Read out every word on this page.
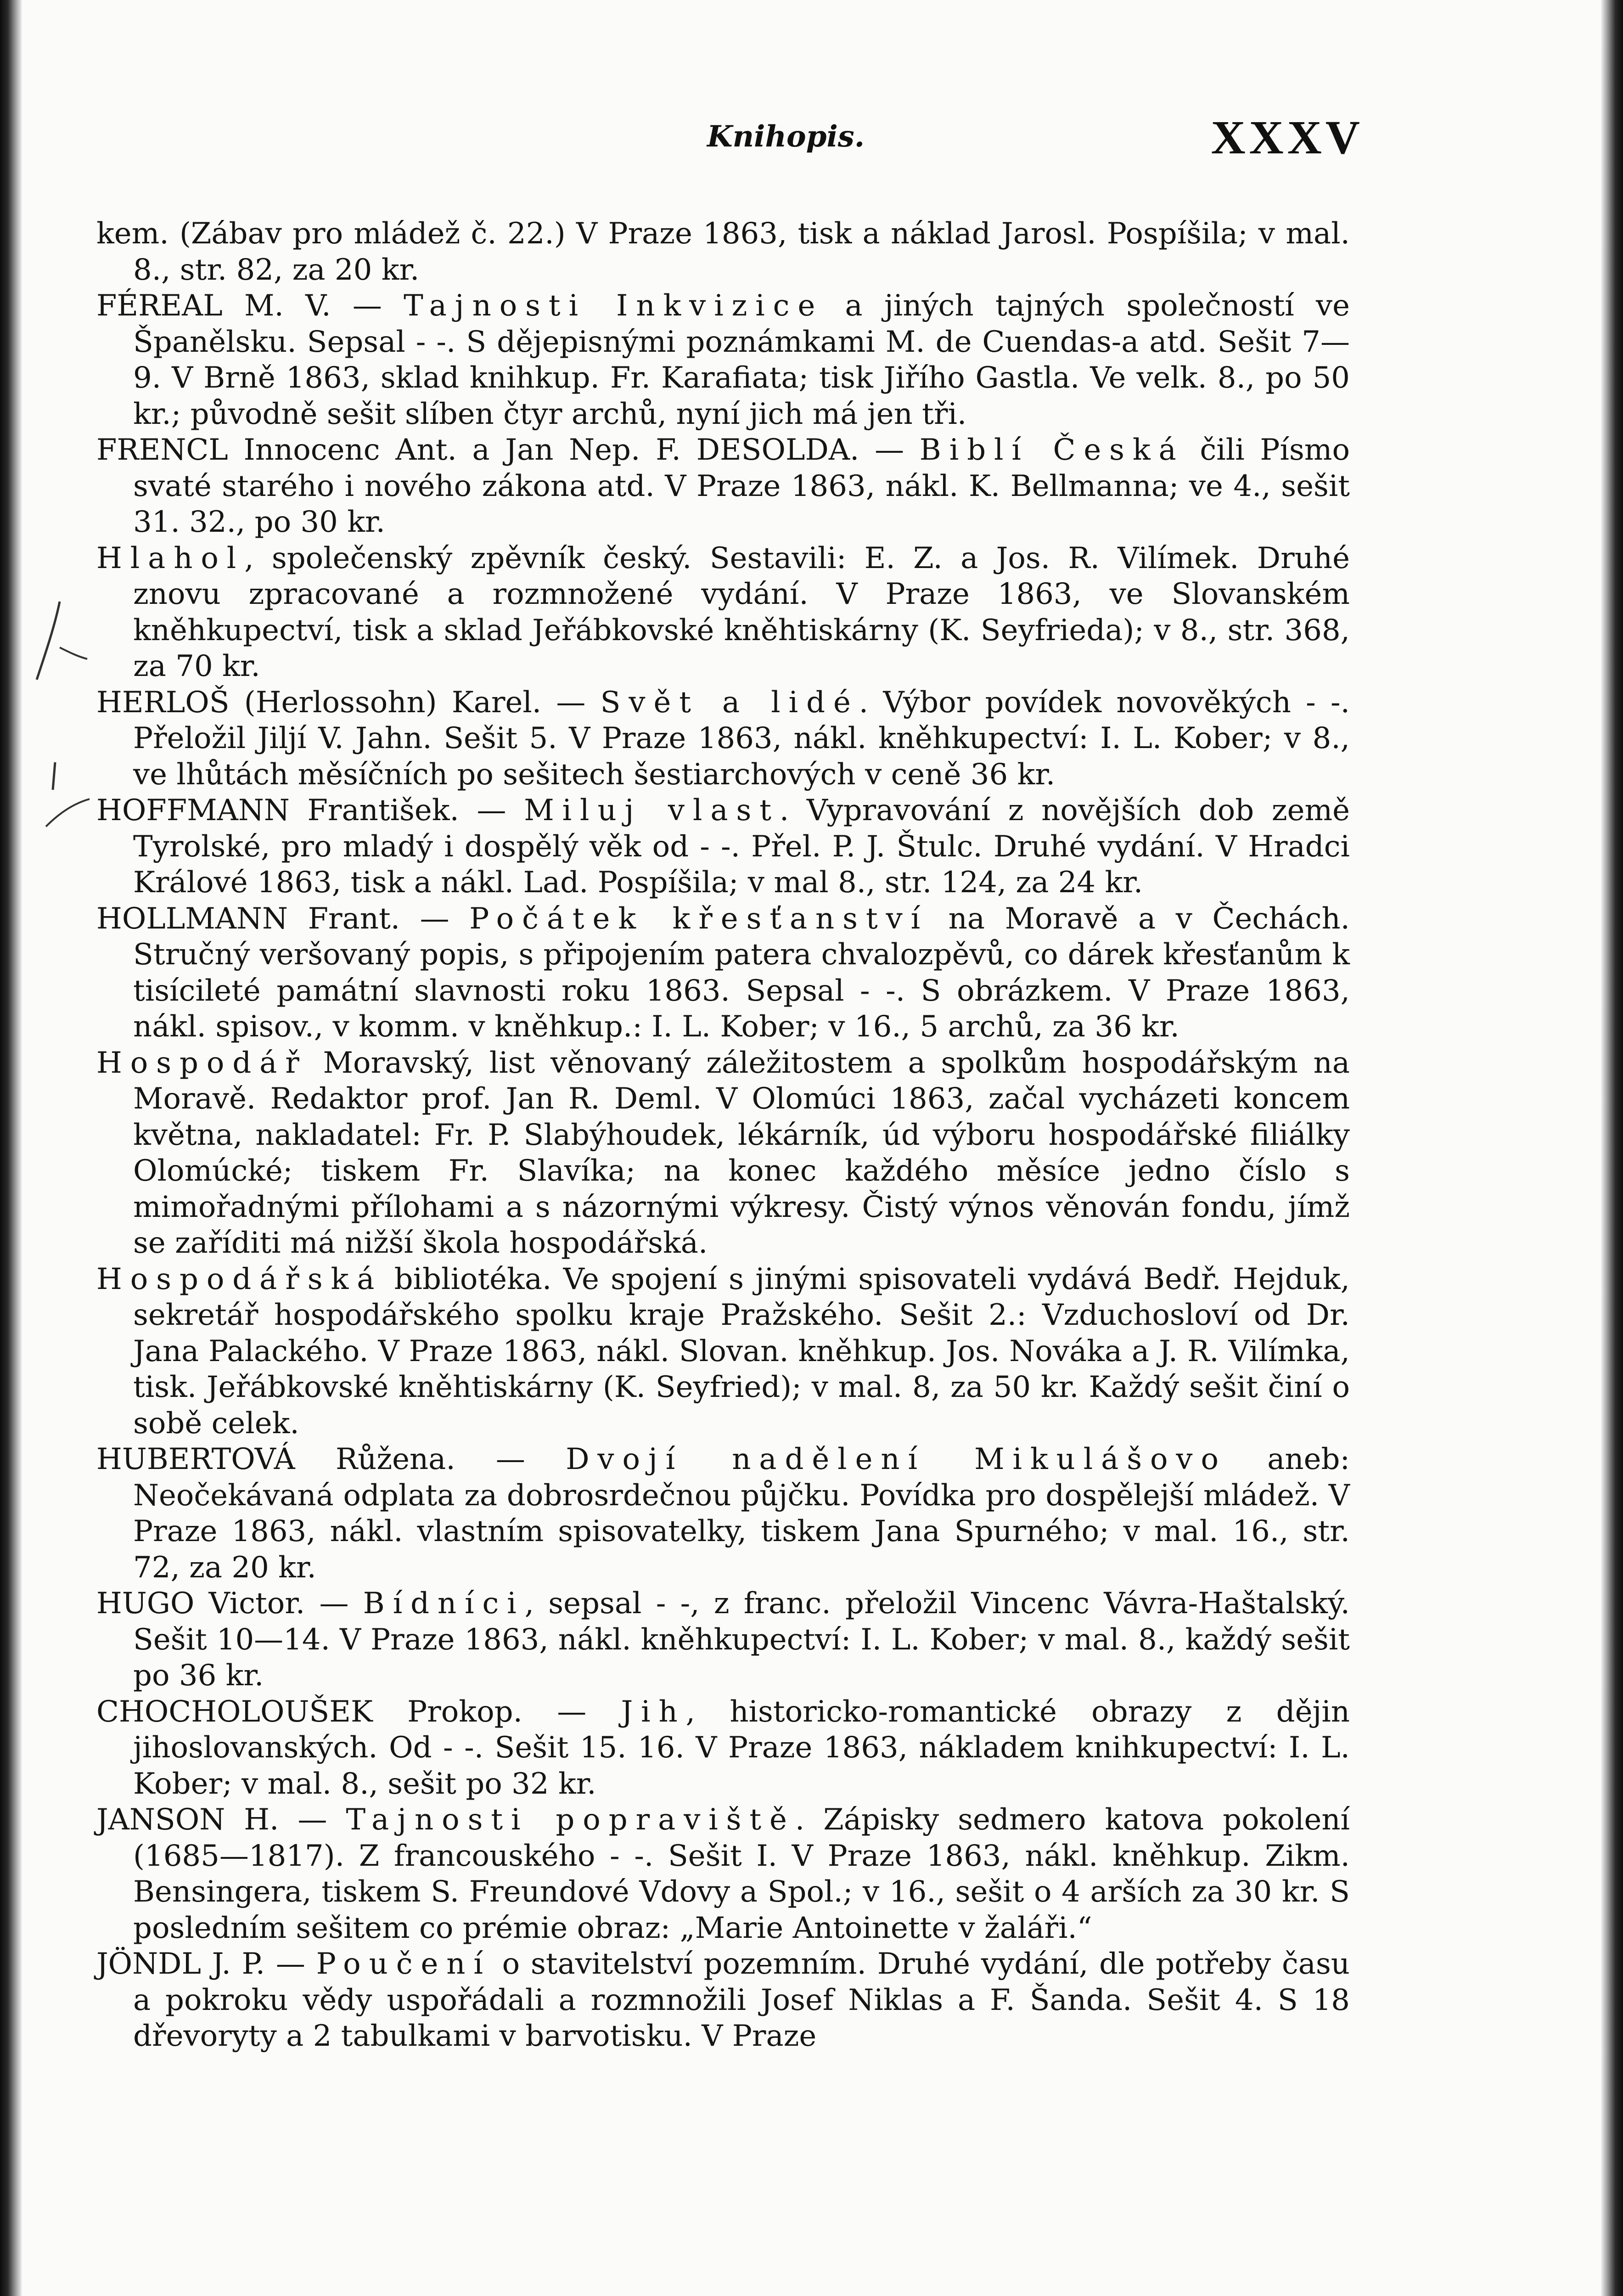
Knihopis.	XXXV

kem. (Zábav pro mládež č. 22.) V Praze 1863, tisk a náklad Jarosl. Pospíšila; v mal. 8., str. 82, za 20 kr.

FÉREAL M. V. — Tajnosti Inkvizice a jiných tajných společností ve Španělsku. Sepsal - -. S dějepisnými poznámkami M. de Cuendas-a atd. Sešit 7—9. V Brně 1863, sklad knihkup. Fr. Karafiata; tisk Jiřího Gastla. Ve velk. 8., po 50 kr.; původně sešit slíben čtyr archů, nyní jich má jen tři.

FRENCL Innocenc Ant. a Jan Nep. F. DESOLDA. — Biblí Česká čili Písmo svaté starého i nového zákona atd. V Praze 1863, nákl. K. Bellmanna; ve 4., sešit 31. 32., po 30 kr.

Hlahol, společenský zpěvník český. Sestavili: E. Z. a Jos. R. Vilímek. Druhé znovu zpracované a rozmnožené vydání. V Praze 1863, ve Slovanském kněhkupectví, tisk a sklad Jeřábkovské kněhtiskárny (K. Seyfrieda); v 8., str. 368, za 70 kr.

HERLOŠ (Herlossohn) Karel. — Svět a lidé. Výbor povídek novověkých - -. Přeložil Jiljí V. Jahn. Sešit 5. V Praze 1863, nákl. kněhkupectví: I. L. Kober; v 8., ve lhůtách měsíčních po sešitech šestiarchových v ceně 36 kr.

HOFFMANN František. — Miluj vlast. Vypravování z novějších dob země Tyrolské, pro mladý i dospělý věk od - -. Přel. P. J. Štulc. Druhé vydání. V Hradci Králové 1863, tisk a nákl. Lad. Pospíšila; v mal 8., str. 124, za 24 kr.

HOLLMANN Frant. — Počátek křesťanství na Moravě a v Čechách. Stručný veršovaný popis, s připojením patera chvalozpěvů, co dárek křesťanům k tisícileté památní slavnosti roku 1863. Sepsal - -. S obrázkem. V Praze 1863, nákl. spisov., v komm. v kněhkup.: I. L. Kober; v 16., 5 archů, za 36 kr.

Hospodář Moravský, list věnovaný záležitostem a spolkům hospodářským na Moravě. Redaktor prof. Jan R. Deml. V Olomúci 1863, začal vycházeti koncem května, nakladatel: Fr. P. Slabýhoudek, lékárník, úd výboru hospodářské filiálky Olomúcké; tiskem Fr. Slavíka; na konec každého měsíce jedno číslo s mimořadnými přílohami a s názornými výkresy. Čistý výnos věnován fondu, jímž se zaříditi má nižší škola hospodářská.

Hospodářská bibliotéka. Ve spojení s jinými spisovateli vydává Bedř. Hejduk, sekretář hospodářského spolku kraje Pražského. Sešit 2.: Vzduchosloví od Dr. Jana Palackého. V Praze 1863, nákl. Slovan. kněhkup. Jos. Nováka a J. R. Vilímka, tisk. Jeřábkovské kněhtiskárny (K. Seyfried); v mal. 8, za 50 kr. Každý sešit činí o sobě celek.

HUBERTOVÁ Růžena. — Dvojí nadělení Mikulášovo aneb: Neočekávaná odplata za dobrosrdečnou půjčku. Povídka pro dospělejší mládež. V Praze 1863, nákl. vlastním spisovatelky, tiskem Jana Spurného; v mal. 16., str. 72, za 20 kr.

HUGO Victor. — Bídníci, sepsal - -, z franc. přeložil Vincenc Vávra-Haštalský. Sešit 10—14. V Praze 1863, nákl. kněhkupectví: I. L. Kober; v mal. 8., každý sešit po 36 kr.

CHOCHOLOUŠEK Prokop. — Jih, historicko-romantické obrazy z dějin jihoslovanských. Od - -. Sešit 15. 16. V Praze 1863, nákladem knihkupectví: I. L. Kober; v mal. 8., sešit po 32 kr.

JANSON H. — Tajnosti popraviště. Zápisky sedmero katova pokolení (1685—1817). Z francouského - -. Sešit I. V Praze 1863, nákl. kněhkup. Zikm. Bensingera, tiskem S. Freundové Vdovy a Spol.; v 16., sešit o 4 arších za 30 kr. S posledním sešitem co prémie obraz: „Marie Antoinette v žaláři.“

JÖNDL J. P. — Poučení o stavitelství pozemním. Druhé vydání, dle potřeby času a pokroku vědy uspořádali a rozmnožili Josef Niklas a F. Šanda. Sešit 4. S 18 dřevoryty a 2 tabulkami v barvotisku. V Praze
